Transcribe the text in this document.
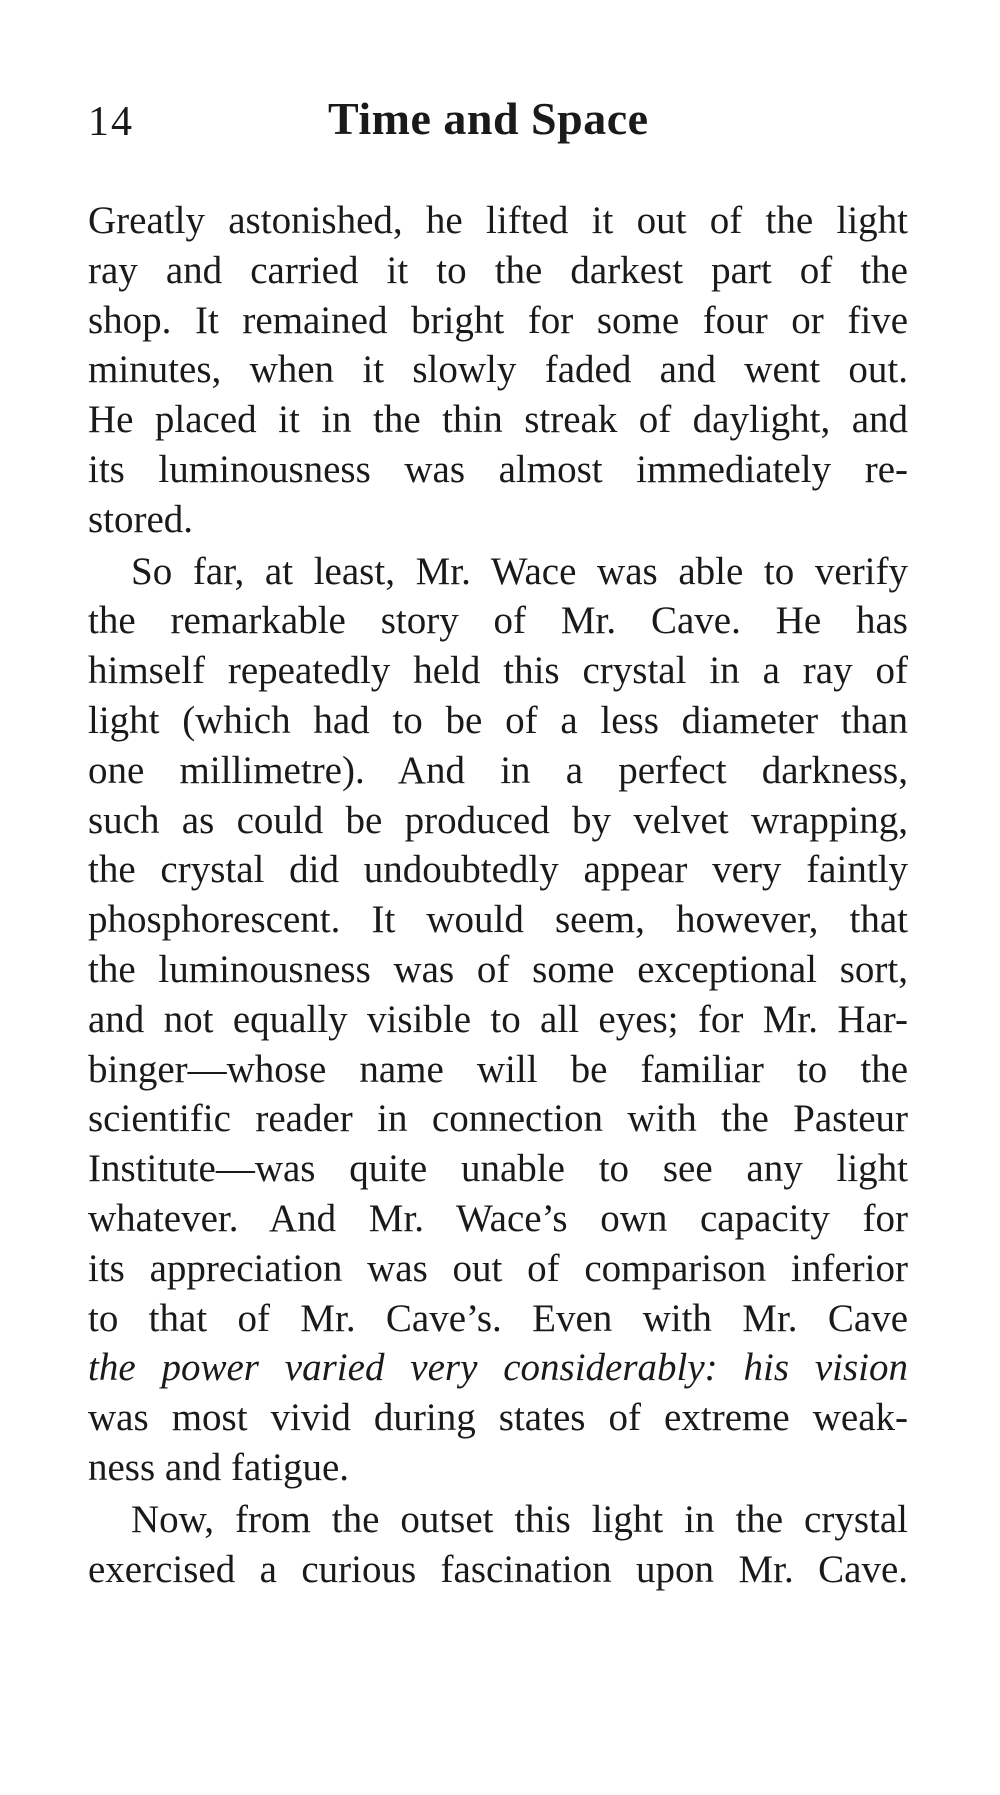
14	Time and Space
Greatly astonished, he lifted it out of the light
ray and carried it to the darkest part of the
shop. It remained bright for some four or five
minutes, when it slowly faded and went out.
He placed it in the thin streak of daylight, and
its luminousness was almost immediately re-
stored.
So far, at least, Mr. Wace was able to verify
the remarkable story of Mr. Cave. He has
himself repeatedly held this crystal in a ray of
light (which had to be of a less diameter than
one millimetre). And in a perfect darkness,
such as could be produced by velvet wrapping,
the crystal did undoubtedly appear very faintly
phosphorescent. It would seem, however, that
the luminousness was of some exceptional sort,
and not equally visible to all eyes; for Mr. Har-
binger—whose name will be familiar to the
scientific reader in connection with the Pasteur
Institute—was quite unable to see any light
whatever. And Mr. Wace’s own capacity for
its appreciation was out of comparison inferior
to that of Mr. Cave’s. Even with Mr. Cave
the power varied very considerably: his vision
was most vivid during states of extreme weak-
ness and fatigue.
Now, from the outset this light in the crystal
exercised a curious fascination upon Mr. Cave.
